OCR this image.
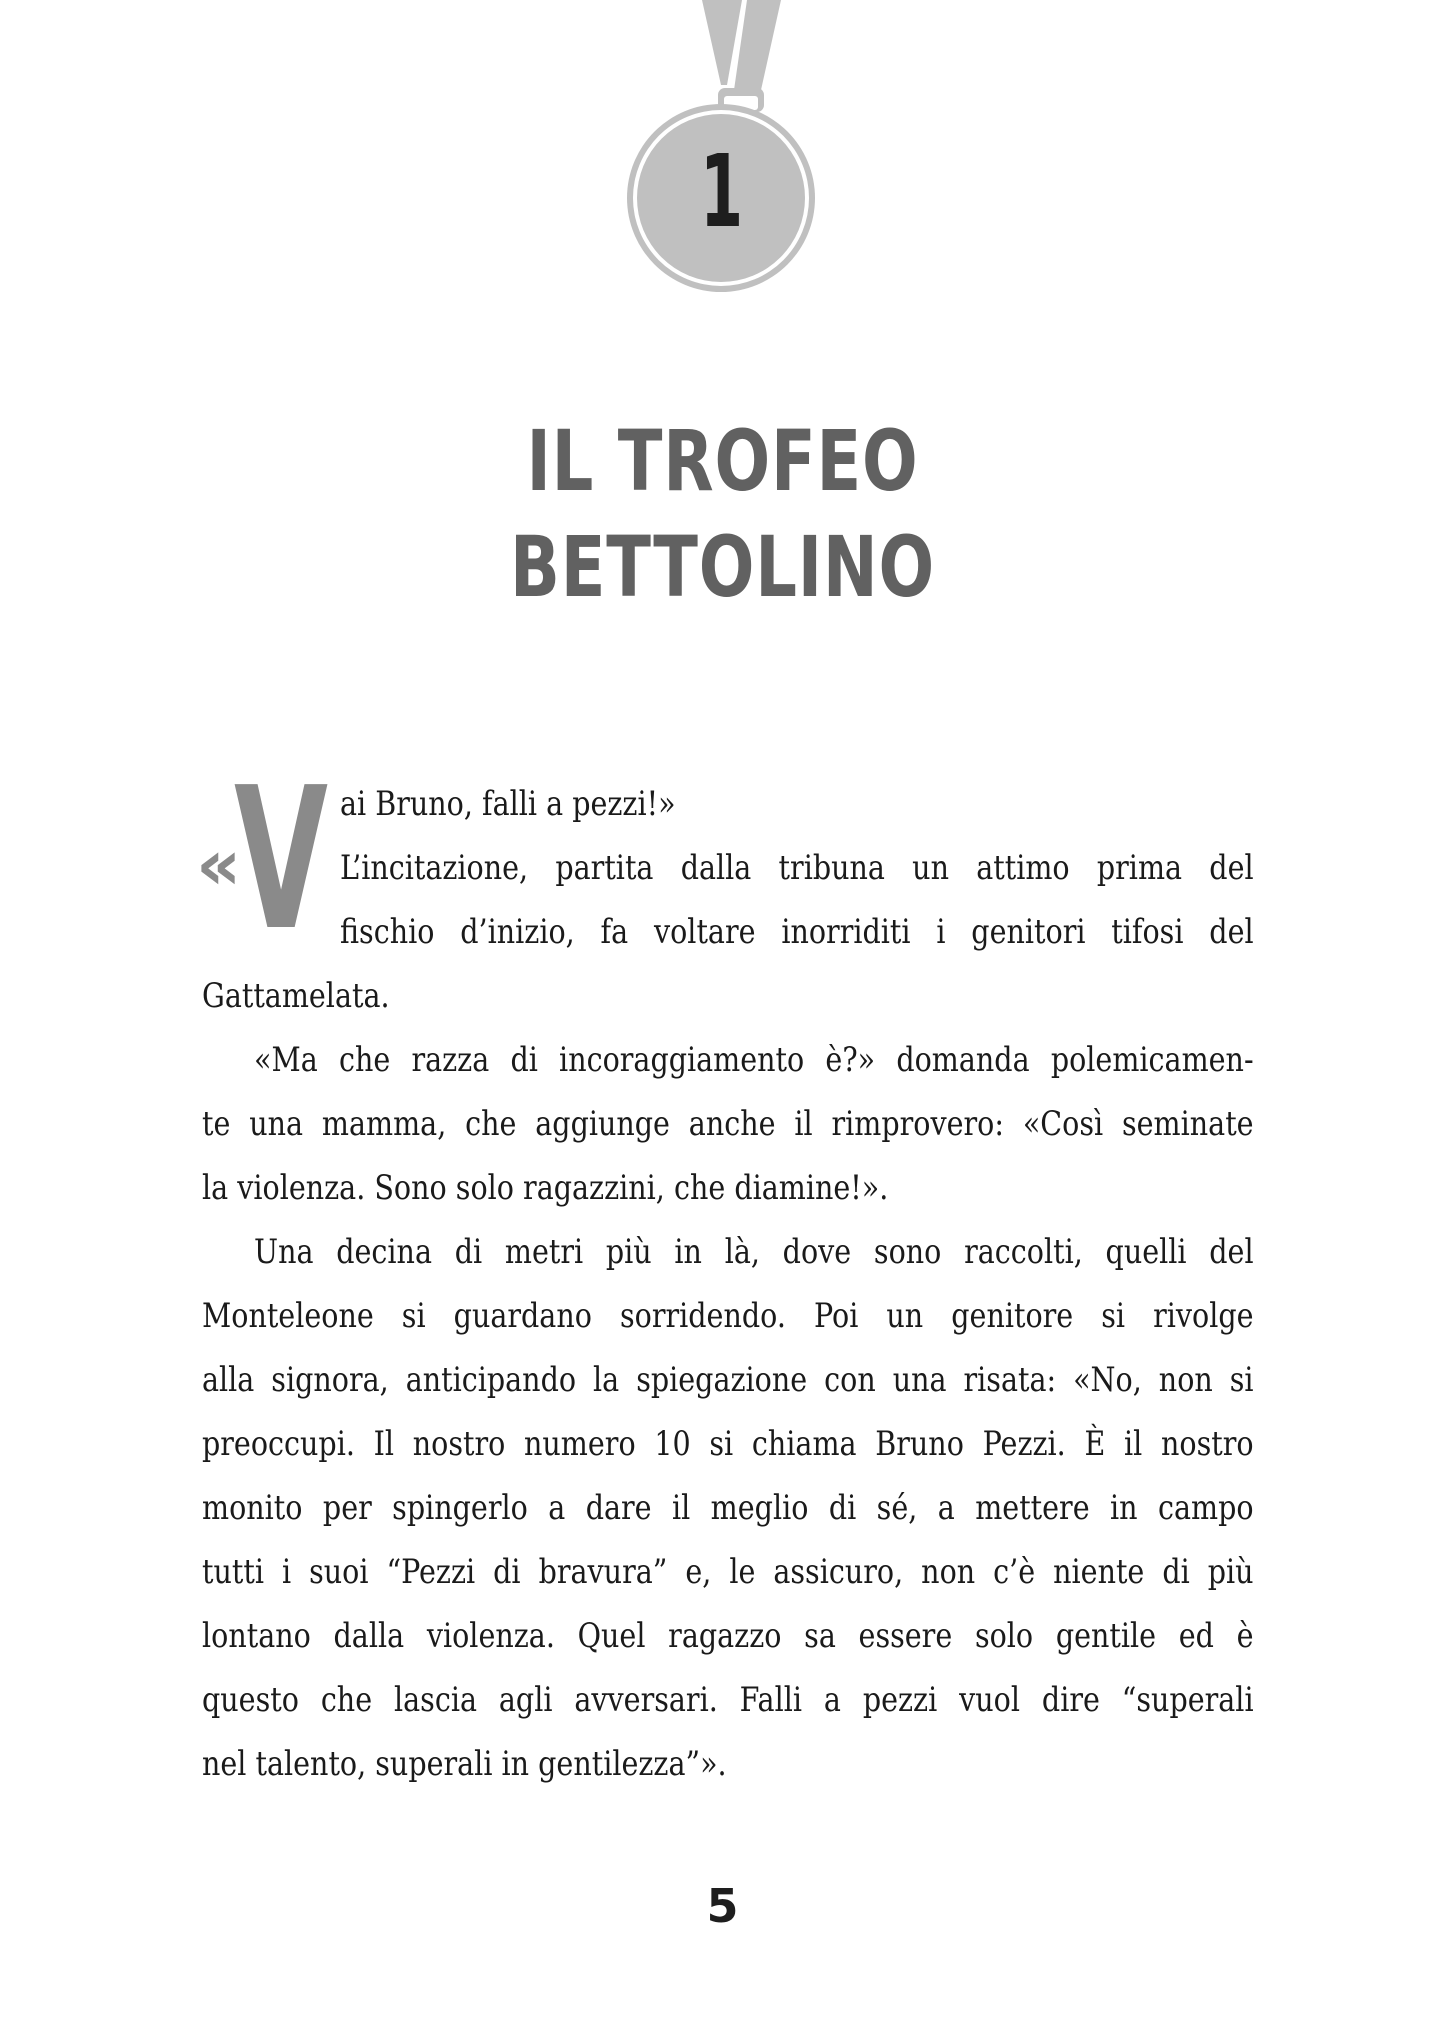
1
IL TROFEO
BETTOLINO
«
V ai Bruno, falli a pezzi!»
L’incitazione, partita dalla tribuna un attimo prima del
fischio d’inizio, fa voltare inorriditi i genitori tifosi del
Gattamelata.
«Ma che razza di incoraggiamento è?» domanda polemicamen-
te una mamma, che aggiunge anche il rimprovero: «Così seminate
la violenza. Sono solo ragazzini, che diamine!».
Una decina di metri più in là, dove sono raccolti, quelli del
Monteleone si guardano sorridendo. Poi un genitore si rivolge
alla signora, anticipando la spiegazione con una risata: «No, non si
preoccupi. Il nostro numero 10 si chiama Bruno Pezzi. È il nostro
monito per spingerlo a dare il meglio di sé, a mettere in campo
tutti i suoi “Pezzi di bravura” e, le assicuro, non c’è niente di più
lontano dalla violenza. Quel ragazzo sa essere solo gentile ed è
questo che lascia agli avversari. Falli a pezzi vuol dire “superali
nel talento, superali in gentilezza”».
5
